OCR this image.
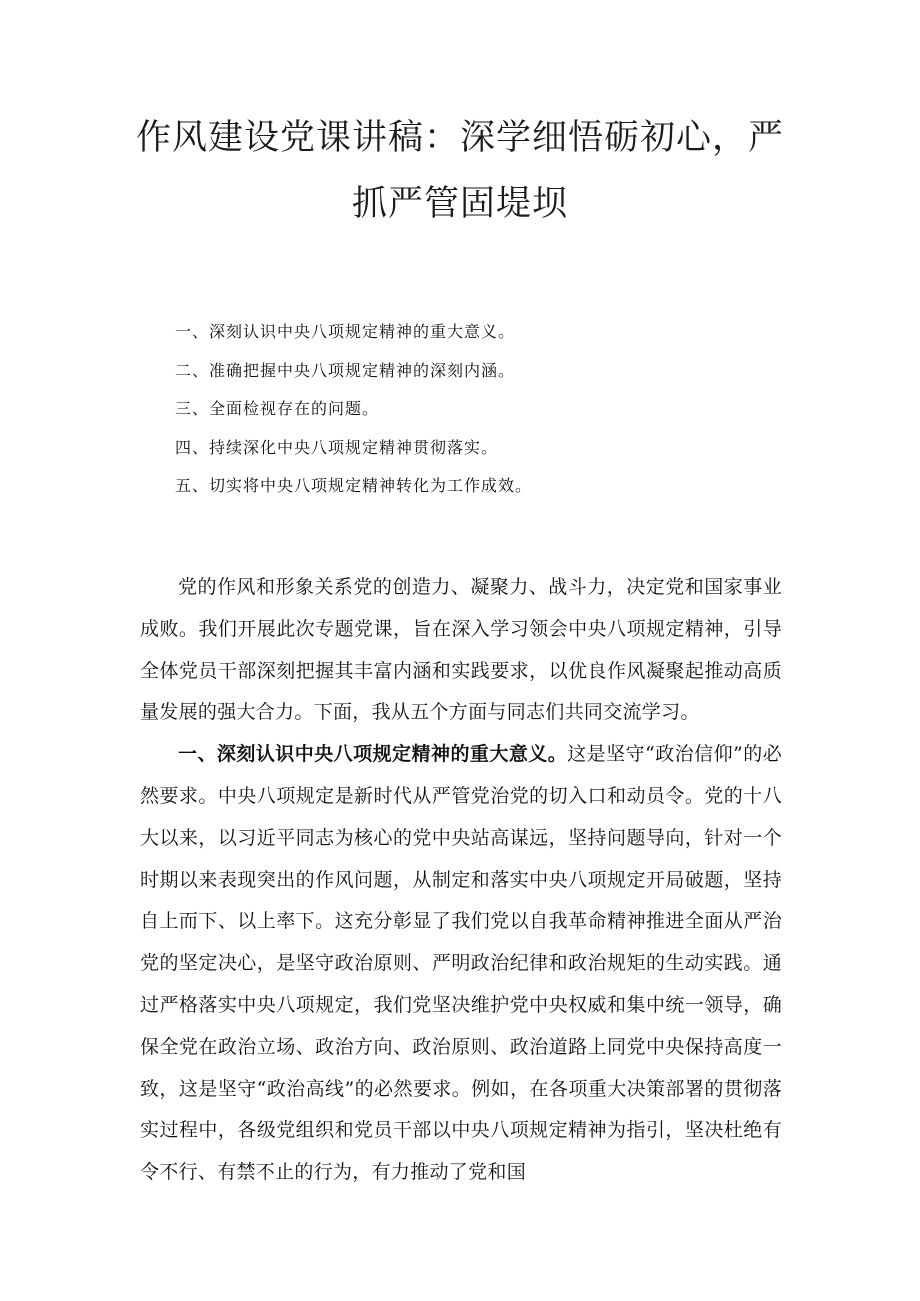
作风建设党课讲稿：深学细悟砺初心，严抓严管固堤坝
一、深刻认识中央八项规定精神的重大意义。
二、准确把握中央八项规定精神的深刻内涵。
三、全面检视存在的问题。
四、持续深化中央八项规定精神贯彻落实。
五、切实将中央八项规定精神转化为工作成效。

党的作风和形象关系党的创造力、凝聚力、战斗力，决定党和国家事业成败。我们开展此次专题党课，旨在深入学习领会中央八项规定精神，引导全体党员干部深刻把握其丰富内涵和实践要求，以优良作风凝聚起推动高质量发展的强大合力。下面，我从五个方面与同志们共同交流学习。

一、深刻认识中央八项规定精神的重大意义。这是坚守“政治信仰”的必然要求。中央八项规定是新时代从严管党治党的切入口和动员令。党的十八大以来，以习近平同志为核心的党中央站高谋远，坚持问题导向，针对一个时期以来表现突出的作风问题，从制定和落实中央八项规定开局破题，坚持自上而下、以上率下。这充分彰显了我们党以自我革命精神推进全面从严治党的坚定决心，是坚守政治原则、严明政治纪律和政治规矩的生动实践。通过严格落实中央八项规定，我们党坚决维护党中央权威和集中统一领导，确保全党在政治立场、政治方向、政治原则、政治道路上同党中央保持高度一致，这是坚守“政治高线”的必然要求。例如，在各项重大决策部署的贯彻落实过程中，各级党组织和党员干部以中央八项规定精神为指引，坚决杜绝有令不行、有禁不止的行为，有力推动了党和国
